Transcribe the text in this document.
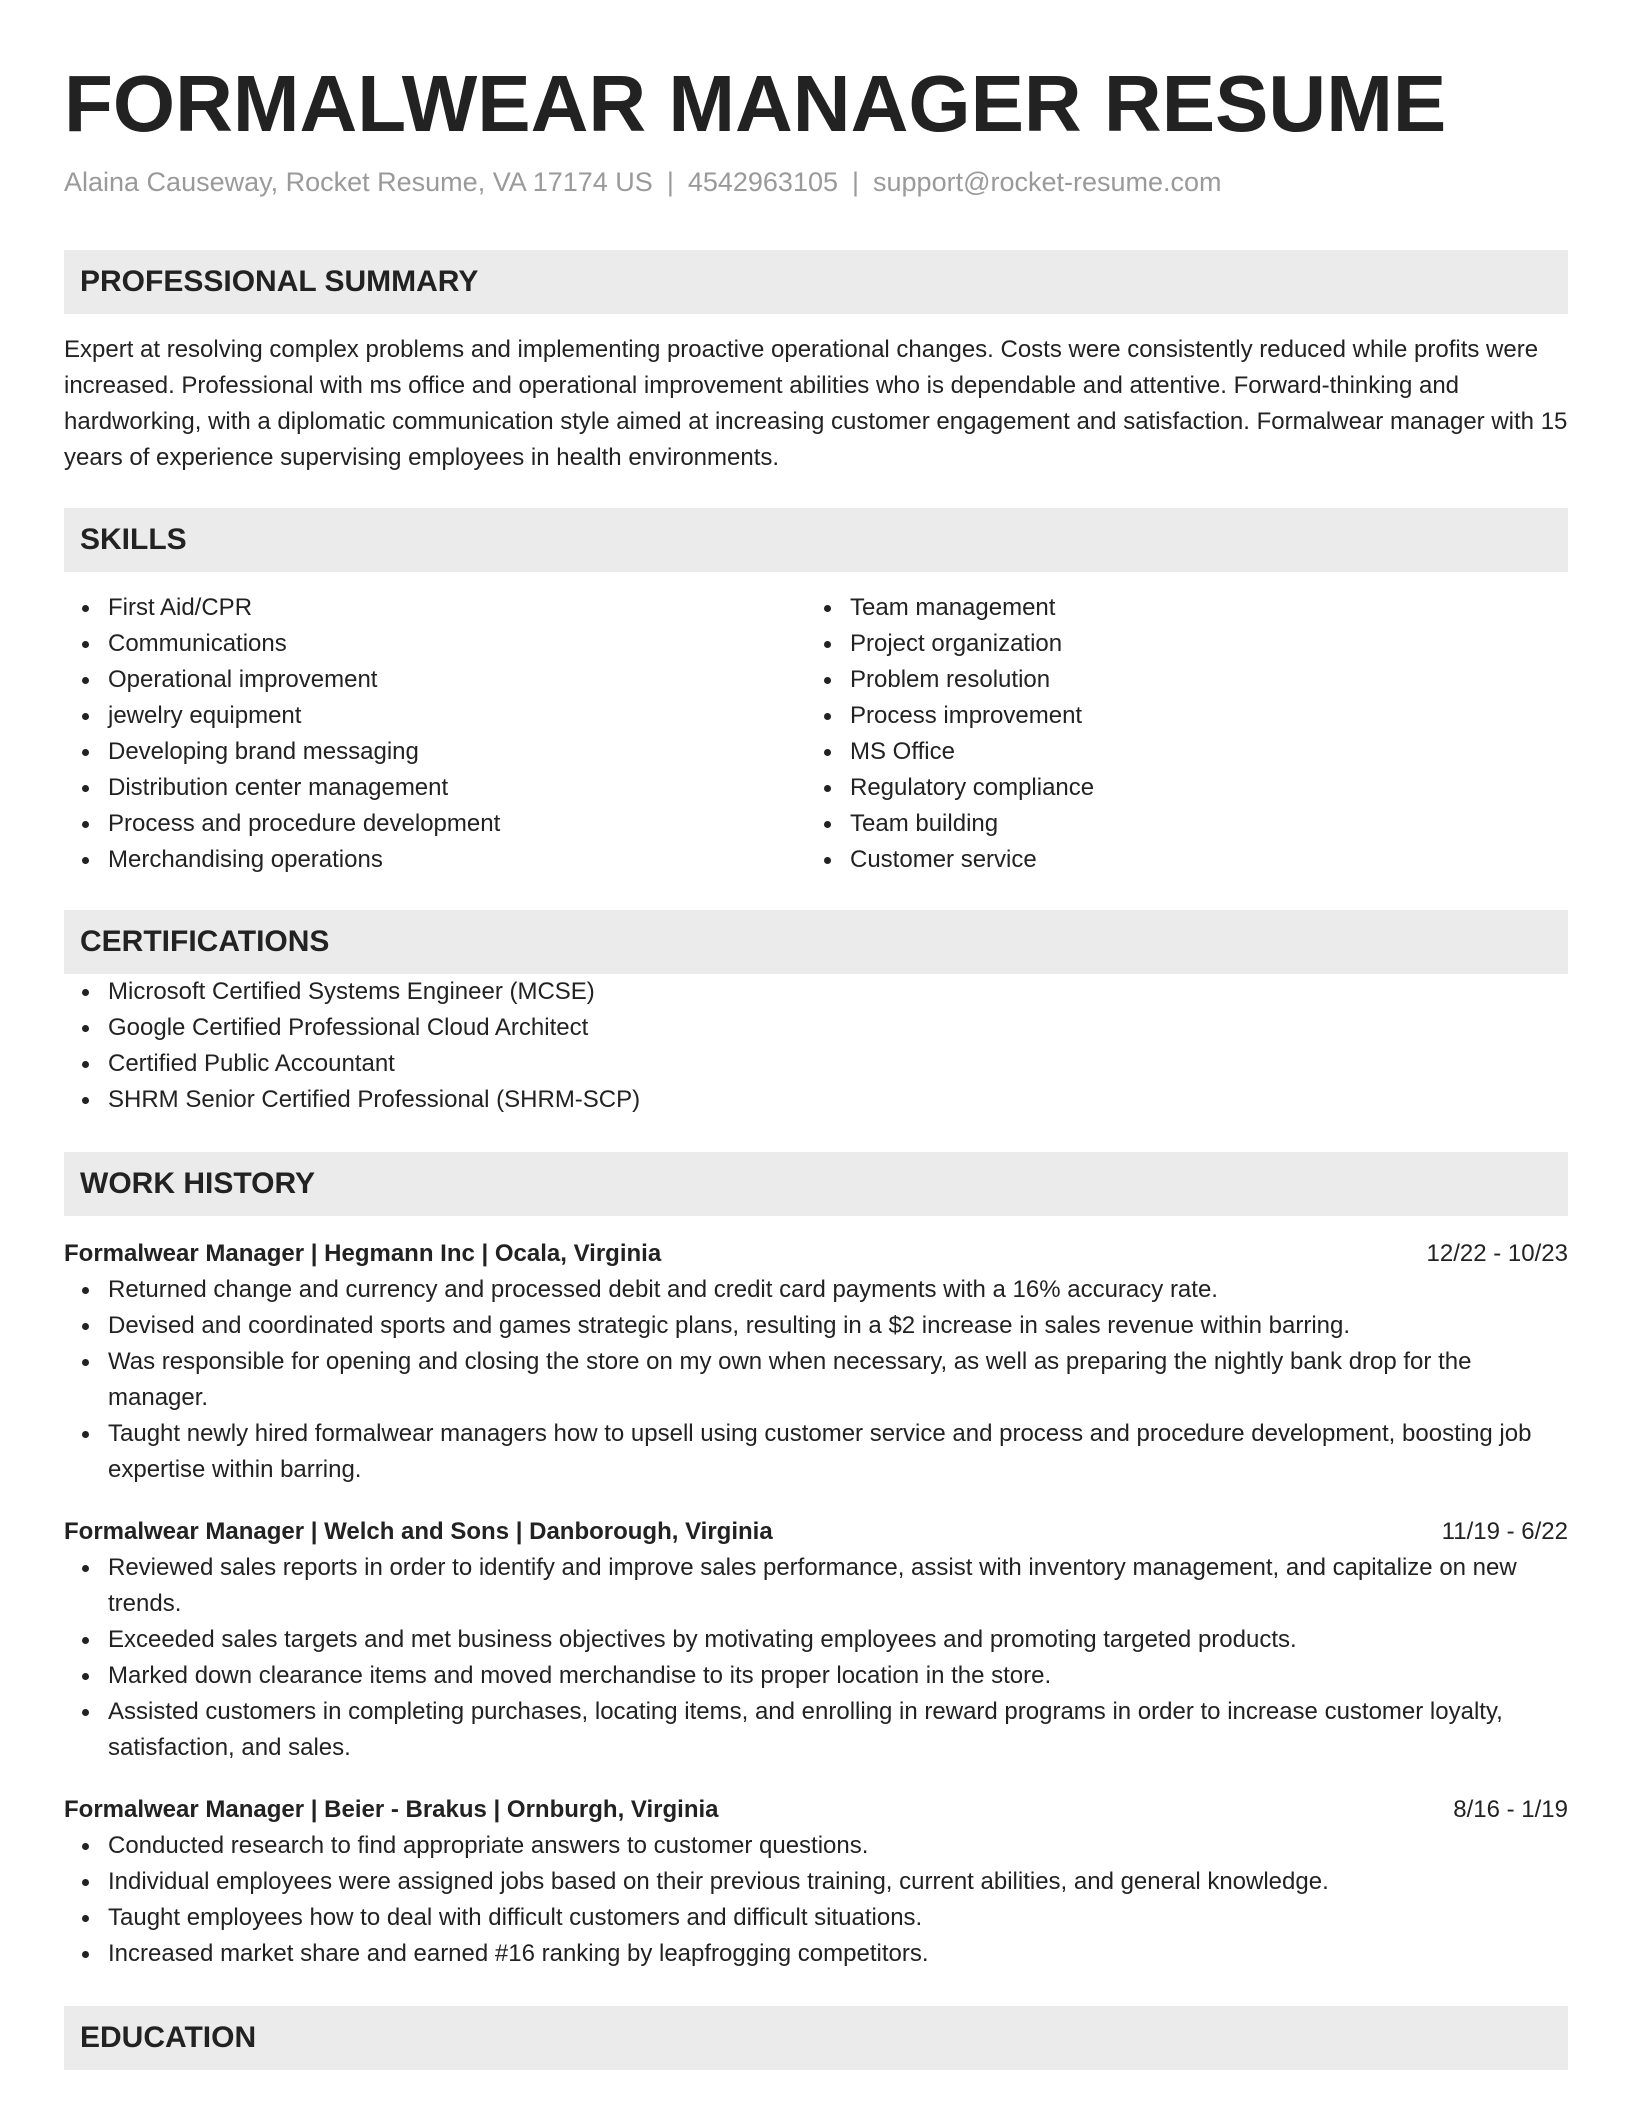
FORMALWEAR MANAGER RESUME
Alaina Causeway, Rocket Resume, VA 17174 US | 4542963105 | support@rocket-resume.com
PROFESSIONAL SUMMARY

Expert at resolving complex problems and implementing proactive operational changes. Costs were consistently reduced while profits were increased. Professional with ms office and operational improvement abilities who is dependable and attentive. Forward-thinking and hardworking, with a diplomatic communication style aimed at increasing customer engagement and satisfaction. Formalwear manager with 15 years of experience supervising employees in health environments.

SKILLS
First Aid/CPR
Communications
Operational improvement
jewelry equipment
Developing brand messaging
Distribution center management
Process and procedure development
Merchandising operations
Team management
Project organization
Problem resolution
Process improvement
MS Office
Regulatory compliance
Team building
Customer service
CERTIFICATIONS
Microsoft Certified Systems Engineer (MCSE)
Google Certified Professional Cloud Architect
Certified Public Accountant
SHRM Senior Certified Professional (SHRM-SCP)
WORK HISTORY
Formalwear Manager | Hegmann Inc | Ocala, Virginia	12/22 - 10/23
Returned change and currency and processed debit and credit card payments with a 16% accuracy rate.
Devised and coordinated sports and games strategic plans, resulting in a $2 increase in sales revenue within barring.
Was responsible for opening and closing the store on my own when necessary, as well as preparing the nightly bank drop for the manager.
Taught newly hired formalwear managers how to upsell using customer service and process and procedure development, boosting job expertise within barring.
Formalwear Manager | Welch and Sons | Danborough, Virginia	11/19 - 6/22
Reviewed sales reports in order to identify and improve sales performance, assist with inventory management, and capitalize on new trends.
Exceeded sales targets and met business objectives by motivating employees and promoting targeted products.
Marked down clearance items and moved merchandise to its proper location in the store.
Assisted customers in completing purchases, locating items, and enrolling in reward programs in order to increase customer loyalty, satisfaction, and sales.
Formalwear Manager | Beier - Brakus | Ornburgh, Virginia	8/16 - 1/19
Conducted research to find appropriate answers to customer questions.
Individual employees were assigned jobs based on their previous training, current abilities, and general knowledge.
Taught employees how to deal with difficult customers and difficult situations.
Increased market share and earned #16 ranking by leapfrogging competitors.
EDUCATION
